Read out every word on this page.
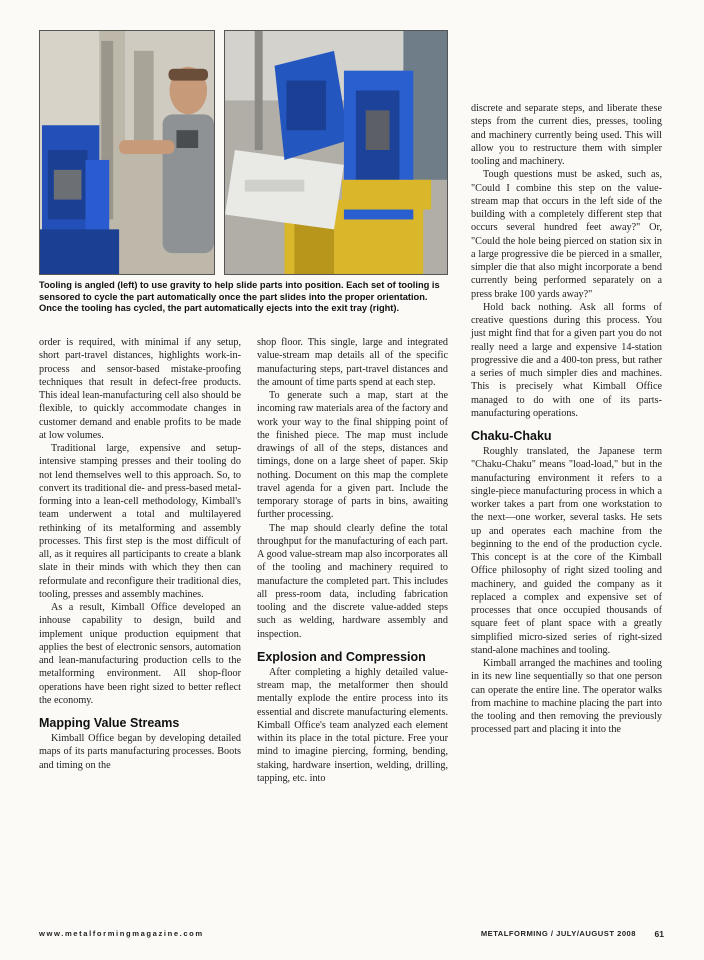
Tooling is angled (left) to use gravity to help slide parts into position. Each set of tooling is sensored to cycle the part automatically once the part slides into the proper orientation. Once the tooling has cycled, the part automatically ejects into the exit tray (right).

order is required, with minimal if any setup, short part-travel distances, highlights work-in-process and sensor-based mistake-proofing techniques that result in defect-free products. This ideal lean-manufacturing cell also should be flexible, to quickly accommodate changes in customer demand and enable profits to be made at low volumes.

Traditional large, expensive and setup-intensive stamping presses and their tooling do not lend themselves well to this approach. So, to convert its traditional die- and press-based metal-forming into a lean-cell methodology, Kimball's team underwent a total and multilayered rethinking of its metalforming and assembly processes. This first step is the most difficult of all, as it requires all participants to create a blank slate in their minds with which they then can reformulate and reconfigure their traditional dies, tooling, presses and assembly machines.

As a result, Kimball Office developed an inhouse capability to design, build and implement unique production equipment that applies the best of electronic sensors, automation and lean-manufacturing production cells to the metalforming environment. All shop-floor operations have been right sized to better reflect the economy.

Mapping Value Streams

Kimball Office began by developing detailed maps of its parts manufacturing processes. Boots and timing on the

shop floor. This single, large and integrated value-stream map details all of the specific manufacturing steps, part-travel distances and the amount of time parts spend at each step.

To generate such a map, start at the incoming raw materials area of the factory and work your way to the final shipping point of the finished piece. The map must include drawings of all of the steps, distances and timings, done on a large sheet of paper. Skip nothing. Document on this map the complete travel agenda for a given part. Include the temporary storage of parts in bins, awaiting further processing.

The map should clearly define the total throughput for the manufacturing of each part. A good value-stream map also incorporates all of the tooling and machinery required to manufacture the completed part. This includes all press-room data, including fabrication tooling and the discrete value-added steps such as welding, hardware assembly and inspection.

Explosion and Compression

After completing a highly detailed value-stream map, the metalformer then should mentally explode the entire process into its essential and discrete manufacturing elements. Kimball Office's team analyzed each element within its place in the total picture. Free your mind to imagine piercing, forming, bending, staking, hardware insertion, welding, drilling, tapping, etc. into

discrete and separate steps, and liberate these steps from the current dies, presses, tooling and machinery currently being used. This will allow you to restructure them with simpler tooling and machinery.

Tough questions must be asked, such as, "Could I combine this step on the value-stream map that occurs in the left side of the building with a completely different step that occurs several hundred feet away?" Or, "Could the hole being pierced on station six in a large progressive die be pierced in a smaller, simpler die that also might incorporate a bend currently being performed separately on a press brake 100 yards away?"

Hold back nothing. Ask all forms of creative questions during this process. You just might find that for a given part you do not really need a large and expensive 14-station progressive die and a 400-ton press, but rather a series of much simpler dies and machines. This is precisely what Kimball Office managed to do with one of its parts-manufacturing operations.

Chaku-Chaku

Roughly translated, the Japanese term "Chaku-Chaku" means "load-load," but in the manufacturing environment it refers to a single-piece manufacturing process in which a worker takes a part from one workstation to the next—one worker, several tasks. He sets up and operates each machine from the beginning to the end of the production cycle. This concept is at the core of the Kimball Office philosophy of right sized tooling and machinery, and guided the company as it replaced a complex and expensive set of processes that once occupied thousands of square feet of plant space with a greatly simplified micro-sized series of right-sized stand-alone machines and tooling.

Kimball arranged the machines and tooling in its new line sequentially so that one person can operate the entire line. The operator walks from machine to machine placing the part into the tooling and then removing the previously processed part and placing it into the

www.metalformingmagazine.com	METALFORMING / JULY/AUGUST 2008 61
